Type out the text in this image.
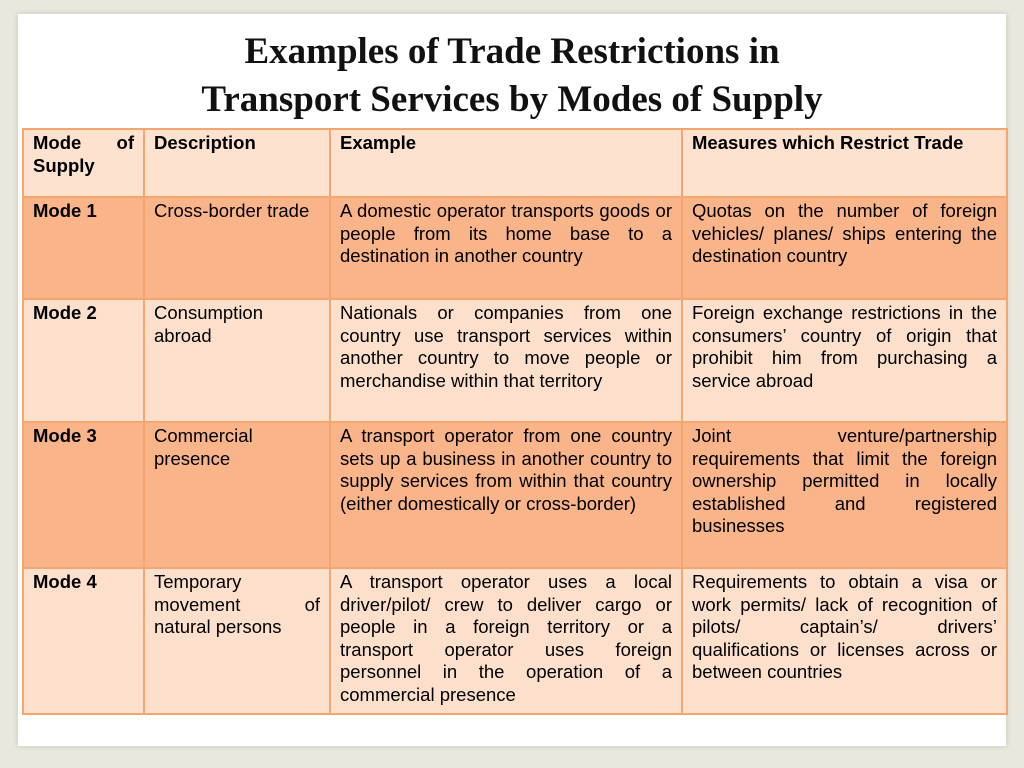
Examples of Trade Restrictions in
Transport Services by Modes of Supply
Mode of Supply	Description	Example	Measures which Restrict Trade
Mode 1	Cross-border trade	A domestic operator transports goods or people from its home base to a destination in another country	Quotas on the number of foreign vehicles/ planes/ ships entering the destination country
Mode 2	Consumption abroad	Nationals or companies from one country use transport services within another country to move people or merchandise within that territory	Foreign exchange restrictions in the consumers’ country of origin that prohibit him from purchasing a service abroad
Mode 3	Commercial presence	A transport operator from one country sets up a business in another country to supply services from within that country (either domestically or cross-border)	Joint venture/partnership requirements that limit the foreign ownership permitted in locally established and registered businesses
Mode 4	Temporary movement of natural persons	A transport operator uses a local driver/pilot/ crew to deliver cargo or people in a foreign territory or a transport operator uses foreign personnel in the operation of a commercial presence	Requirements to obtain a visa or work permits/ lack of recognition of pilots/ captain’s/ drivers’ qualifications or licenses across or between countries
